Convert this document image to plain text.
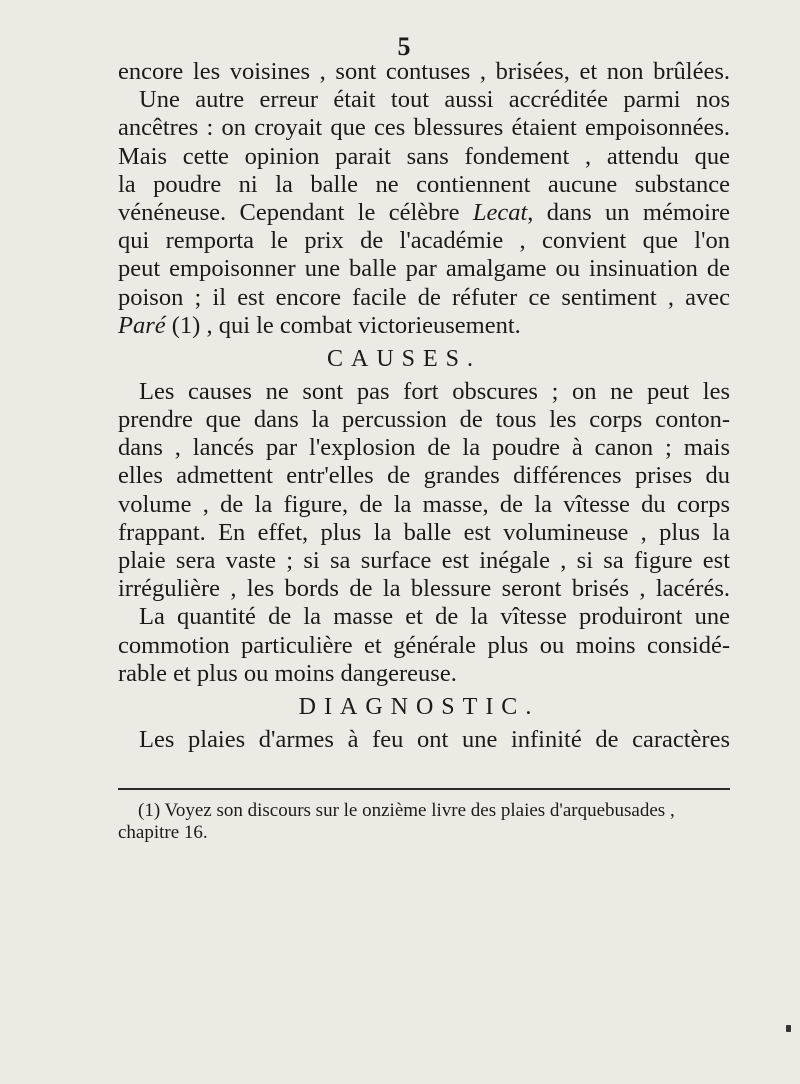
5
encore les voisines , sont contuses , brisées, et non brûlées.
Une autre erreur était tout aussi accréditée parmi nos
ancêtres : on croyait que ces blessures étaient empoisonnées.
Mais cette opinion parait sans fondement , attendu que
la poudre ni la balle ne contiennent aucune substance
vénéneuse. Cependant le célèbre Lecat, dans un mémoire
qui remporta le prix de l'académie , convient que l'on
peut empoisonner une balle par amalgame ou insinuation de
poison ; il est encore facile de réfuter ce sentiment , avec
Paré (1) , qui le combat victorieusement.
CAUSES.
Les causes ne sont pas fort obscures ; on ne peut les
prendre que dans la percussion de tous les corps conton-
dans , lancés par l'explosion de la poudre à canon ; mais
elles admettent entr'elles de grandes différences prises du
volume , de la figure, de la masse, de la vîtesse du corps
frappant. En effet, plus la balle est volumineuse , plus la
plaie sera vaste ; si sa surface est inégale , si sa figure est
irrégulière , les bords de la blessure seront brisés , lacérés.
La quantité de la masse et de la vîtesse produiront une
commotion particulière et générale plus ou moins considé-
rable et plus ou moins dangereuse.
DIAGNOSTIC.
Les plaies d'armes à feu ont une infinité de caractères
(1) Voyez son discours sur le onzième livre des plaies d'arquebusades ,
chapitre 16.
